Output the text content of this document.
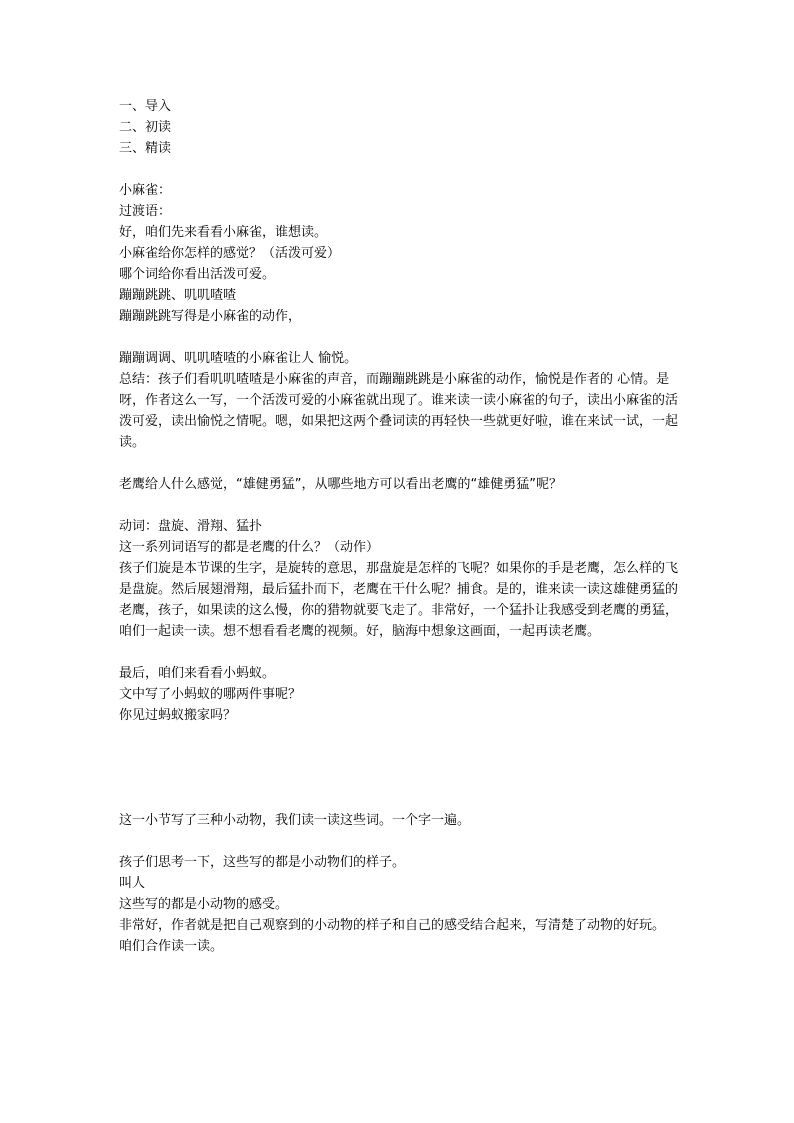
一、导入

二、初读

三、精读

小麻雀：

过渡语：

好，咱们先来看看小麻雀，谁想读。

小麻雀给你怎样的感觉？（活泼可爱）

哪个词给你看出活泼可爱。

蹦蹦跳跳、叽叽喳喳

蹦蹦跳跳写得是小麻雀的动作，

蹦蹦调调、叽叽喳喳的小麻雀让人 愉悦。

总结：孩子们看叽叽喳喳是小麻雀的声音，而蹦蹦跳跳是小麻雀的动作，愉悦是作者的 心情。是呀，作者这么一写，一个活泼可爱的小麻雀就出现了。谁来读一读小麻雀的句子，读出小麻雀的活泼可爱，读出愉悦之情呢。嗯，如果把这两个叠词读的再轻快一些就更好啦，谁在来试一试，一起读。

老鹰给人什么感觉，“雄健勇猛”，从哪些地方可以看出老鹰的“雄健勇猛”呢？

动词：盘旋、滑翔、猛扑

这一系列词语写的都是老鹰的什么？（动作）

孩子们旋是本节课的生字，是旋转的意思，那盘旋是怎样的飞呢？如果你的手是老鹰，怎么样的飞是盘旋。然后展翅滑翔，最后猛扑而下，老鹰在干什么呢？捕食。是的，谁来读一读这雄健勇猛的老鹰，孩子，如果读的这么慢，你的猎物就要飞走了。非常好，一个猛扑让我感受到老鹰的勇猛，咱们一起读一读。想不想看看老鹰的视频。好，脑海中想象这画面，一起再读老鹰。

最后，咱们来看看小蚂蚁。

文中写了小蚂蚁的哪两件事呢？

你见过蚂蚁搬家吗？

这一小节写了三种小动物，我们读一读这些词。一个字一遍。

孩子们思考一下，这些写的都是小动物们的样子。

叫人

这些写的都是小动物的感受。

非常好，作者就是把自己观察到的小动物的样子和自己的感受结合起来，写清楚了动物的好玩。

咱们合作读一读。
